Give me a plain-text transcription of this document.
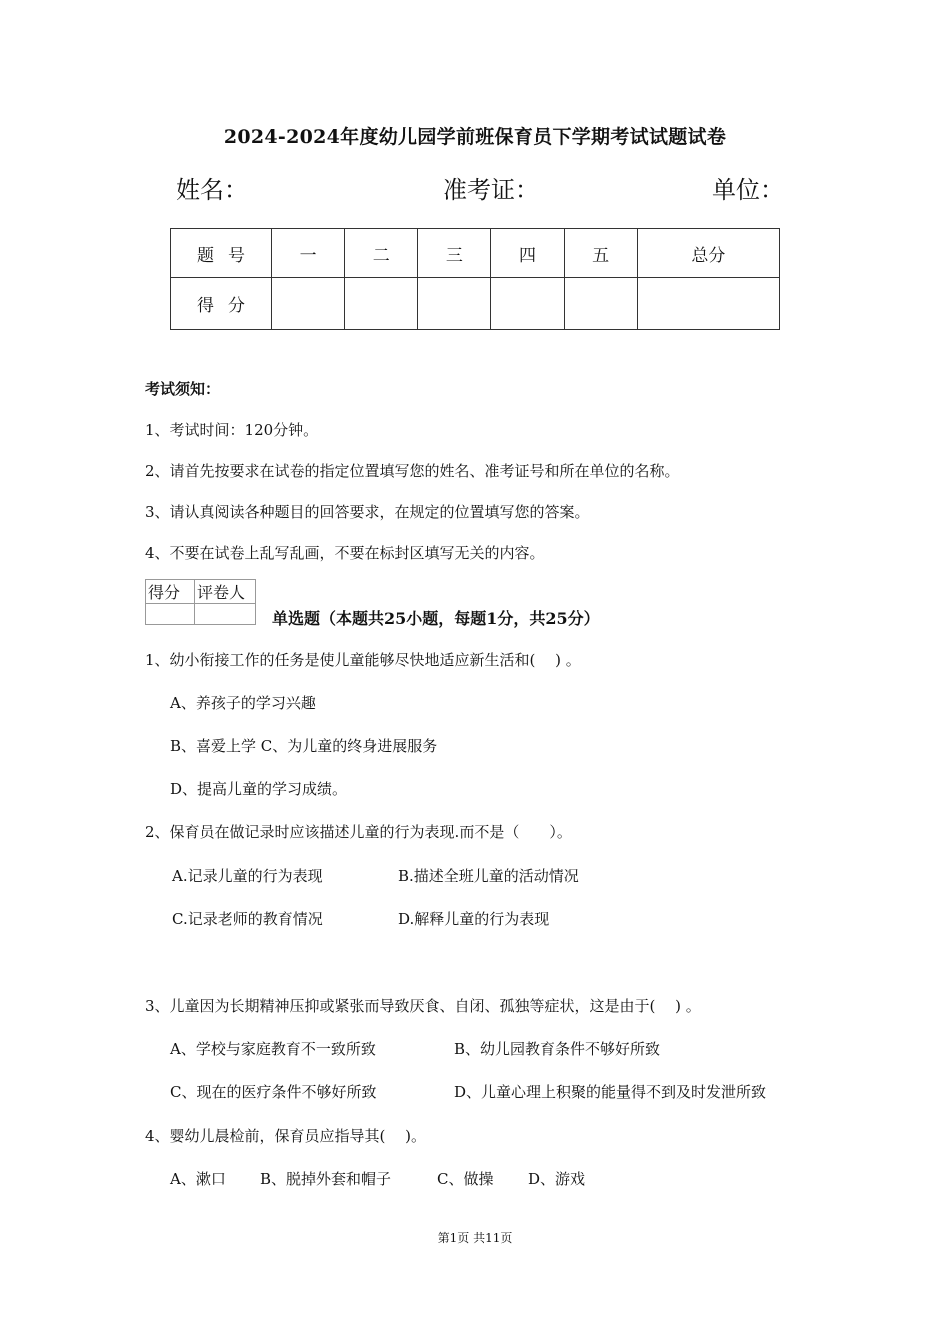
2024-2024年度幼儿园学前班保育员下学期考试试题试卷
姓名：	准考证：	单位：
题号	一	二	三	四	五	总分
得分						
考试须知：
1、考试时间：120分钟。
2、请首先按要求在试卷的指定位置填写您的姓名、准考证号和所在单位的名称。
3、请认真阅读各种题目的回答要求，在规定的位置填写您的答案。
4、不要在试卷上乱写乱画，不要在标封区填写无关的内容。
得分	评卷人

单选题（本题共25小题，每题1分，共25分）
1、幼小衔接工作的任务是使儿童能够尽快地适应新生活和(　 ) 。
A、养孩子的学习兴趣
B、喜爱上学 C、为儿童的终身进展服务
D、提高儿童的学习成绩。
2、保育员在做记录时应该描述儿童的行为表现.而不是（　　）。
A.记录儿童的行为表现	B.描述全班儿童的活动情况
C.记录老师的教育情况	D.解释儿童的行为表现
3、儿童因为长期精神压抑或紧张而导致厌食、自闭、孤独等症状，这是由于(　 ) 。
A、学校与家庭教育不一致所致	B、幼儿园教育条件不够好所致
C、现在的医疗条件不够好所致	D、儿童心理上积聚的能量得不到及时发泄所致
4、婴幼儿晨检前，保育员应指导其(　 )。
A、漱口 B、脱掉外套和帽子	C、做操 D、游戏
第1页 共11页
